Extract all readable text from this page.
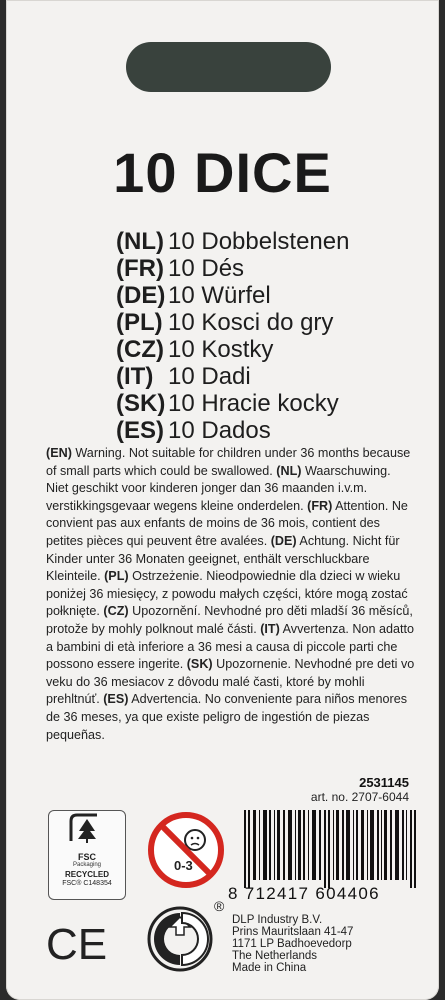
10 DICE
(NL) 10 Dobbelstenen
(FR) 10 Dés
(DE) 10 Würfel
(PL) 10 Kosci do gry
(CZ) 10 Kostky
(IT) 10 Dadi
(SK) 10 Hracie kocky
(ES) 10 Dados
(EN) Warning. Not suitable for children under 36 months because of small parts which could be swallowed. (NL) Waarschuwing. Niet geschikt voor kinderen jonger dan 36 maanden i.v.m. verstikkingsgevaar wegens kleine onderdelen. (FR) Attention. Ne convient pas aux enfants de moins de 36 mois, contient des petites pièces qui peuvent être avalées. (DE) Achtung. Nicht für Kinder unter 36 Monaten geeignet, enthält verschluckbare Kleinteile. (PL) Ostrzeżenie. Nieodpowiednie dla dzieci w wieku poniżej 36 miesięcy, z powodu małych części, które mogą zostać połknięte. (CZ) Upozornění. Nevhodné pro děti mladší 36 měsíců, protože by mohly polknout malé části. (IT) Avvertenza. Non adatto a bambini di età inferiore a 36 mesi a causa di piccole parti che possono essere ingerite. (SK) Upozornenie. Nevhodné pre deti vo veku do 36 mesiacov z dôvodu malé časti, ktoré by mohli prehltnúť. (ES) Advertencia. No conveniente para niños menores de 36 meses, ya que existe peligro de ingestión de piezas pequeñas.
2531145
art. no. 2707-6044
FSC
Packaging
RECYCLED
FSC® C148354
0-3
8 712417 604406
CE
®
DLP Industry B.V.
Prins Mauritslaan 41-47
1171 LP Badhoevedorp
The Netherlands
Made in China
